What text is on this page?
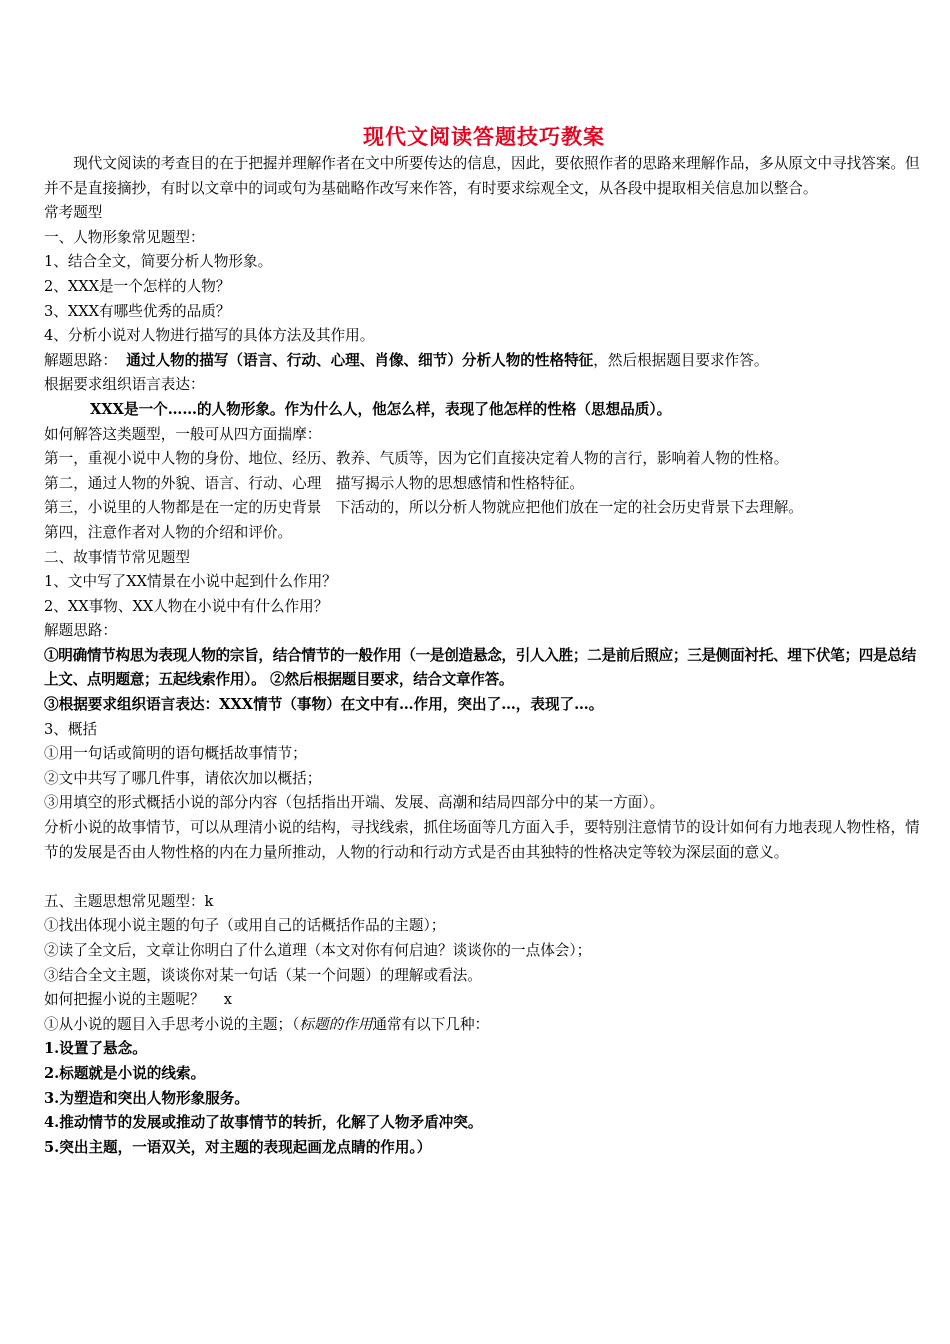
现代文阅读答题技巧教案

现代文阅读的考查目的在于把握并理解作者在文中所要传达的信息，因此，要依照作者的思路来理解作品，多从原文中寻找答案。但并不是直接摘抄，有时以文章中的词或句为基础略作改写来作答，有时要求综观全文，从各段中提取相关信息加以整合。

常考题型

一、人物形象常见题型：

1、结合全文，简要分析人物形象。

2、XXX是一个怎样的人物？

3、XXX有哪些优秀的品质？

4、分析小说对人物进行描写的具体方法及其作用。

解题思路： 通过人物的描写（语言、行动、心理、肖像、细节）分析人物的性格特征，然后根据题目要求作答。

根据要求组织语言表达：

XXX是一个……的人物形象。作为什么人，他怎么样，表现了他怎样的性格（思想品质）。

如何解答这类题型，一般可从四方面揣摩：

第一，重视小说中人物的身份、地位、经历、教养、气质等，因为它们直接决定着人物的言行，影响着人物的性格。

第二，通过人物的外貌、语言、行动、心理　描写揭示人物的思想感情和性格特征。

第三，小说里的人物都是在一定的历史背景　下活动的，所以分析人物就应把他们放在一定的社会历史背景下去理解。

第四，注意作者对人物的介绍和评价。

二、故事情节常见题型

1、文中写了XX情景在小说中起到什么作用？

2、XX事物、XX人物在小说中有什么作用？

解题思路：

①明确情节构思为表现人物的宗旨，结合情节的一般作用（一是创造悬念，引人入胜；二是前后照应；三是侧面衬托、埋下伏笔；四是总结上文、点明题意；五起线索作用）。 ②然后根据题目要求，结合文章作答。

③根据要求组织语言表达：XXX情节（事物）在文中有…作用，突出了…，表现了…。

3、概括

①用一句话或简明的语句概括故事情节；

②文中共写了哪几件事，请依次加以概括；

③用填空的形式概括小说的部分内容（包括指出开端、发展、高潮和结局四部分中的某一方面）。

分析小说的故事情节，可以从理清小说的结构，寻找线索，抓住场面等几方面入手，要特别注意情节的设计如何有力地表现人物性格，情节的发展是否由人物性格的内在力量所推动，人物的行动和行动方式是否由其独特的性格决定等较为深层面的意义。

五、主题思想常见题型：k

①找出体现小说主题的句子（或用自己的话概括作品的主题）；

②读了全文后，文章让你明白了什么道理（本文对你有何启迪？谈谈你的一点体会）；

③结合全文主题，谈谈你对某一句话（某一个问题）的理解或看法。

如何把握小说的主题呢？　 x

①从小说的题目入手思考小说的主题；（标题的作用通常有以下几种：

1.设置了悬念。

2.标题就是小说的线索。

3.为塑造和突出人物形象服务。

4.推动情节的发展或推动了故事情节的转折，化解了人物矛盾冲突。

5.突出主题，一语双关，对主题的表现起画龙点睛的作用。）
